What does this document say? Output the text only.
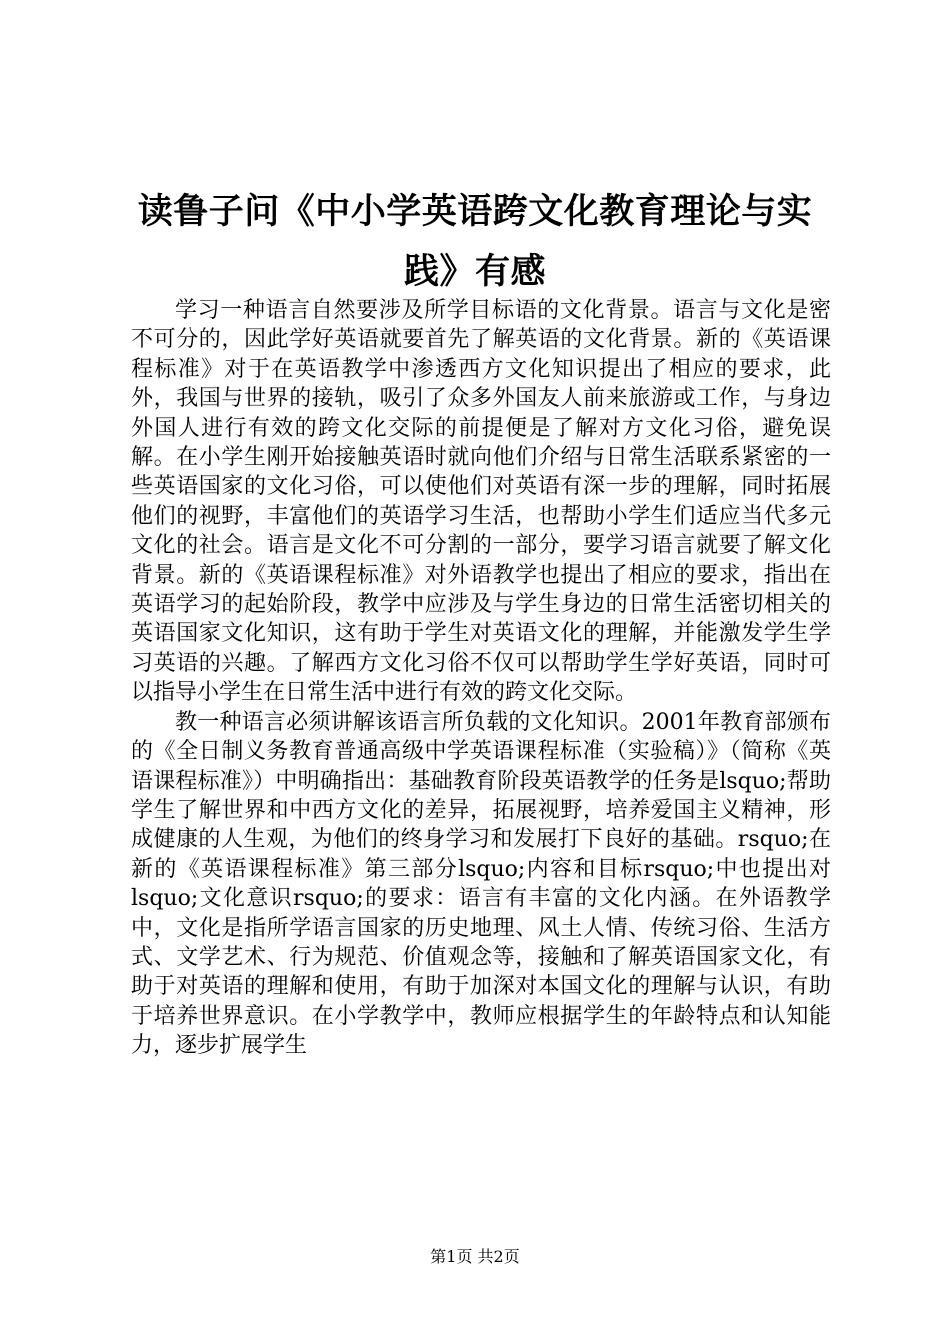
读鲁子问《中小学英语跨文化教育理论与实践》有感

学习一种语言自然要涉及所学目标语的文化背景。语言与文化是密不可分的，因此学好英语就要首先了解英语的文化背景。新的《英语课程标准》对于在英语教学中渗透西方文化知识提出了相应的要求，此外，我国与世界的接轨，吸引了众多外国友人前来旅游或工作，与身边外国人进行有效的跨文化交际的前提便是了解对方文化习俗，避免误解。在小学生刚开始接触英语时就向他们介绍与日常生活联系紧密的一些英语国家的文化习俗，可以使他们对英语有深一步的理解，同时拓展他们的视野，丰富他们的英语学习生活，也帮助小学生们适应当代多元文化的社会。语言是文化不可分割的一部分，要学习语言就要了解文化背景。新的《英语课程标准》对外语教学也提出了相应的要求，指出在英语学习的起始阶段，教学中应涉及与学生身边的日常生活密切相关的英语国家文化知识，这有助于学生对英语文化的理解，并能激发学生学习英语的兴趣。了解西方文化习俗不仅可以帮助学生学好英语，同时可以指导小学生在日常生活中进行有效的跨文化交际。

教一种语言必须讲解该语言所负载的文化知识。2001年教育部颁布的《全日制义务教育普通高级中学英语课程标准（实验稿）》（简称《英语课程标准》）中明确指出：基础教育阶段英语教学的任务是lsquo;帮助学生了解世界和中西方文化的差异，拓展视野，培养爱国主义精神，形成健康的人生观，为他们的终身学习和发展打下良好的基础。rsquo;在新的《英语课程标准》第三部分lsquo;内容和目标rsquo;中也提出对lsquo;文化意识rsquo;的要求：语言有丰富的文化内涵。在外语教学中，文化是指所学语言国家的历史地理、风土人情、传统习俗、生活方式、文学艺术、行为规范、价值观念等，接触和了解英语国家文化，有助于对英语的理解和使用，有助于加深对本国文化的理解与认识，有助于培养世界意识。在小学教学中，教师应根据学生的年龄特点和认知能力，逐步扩展学生

第1页 共2页
